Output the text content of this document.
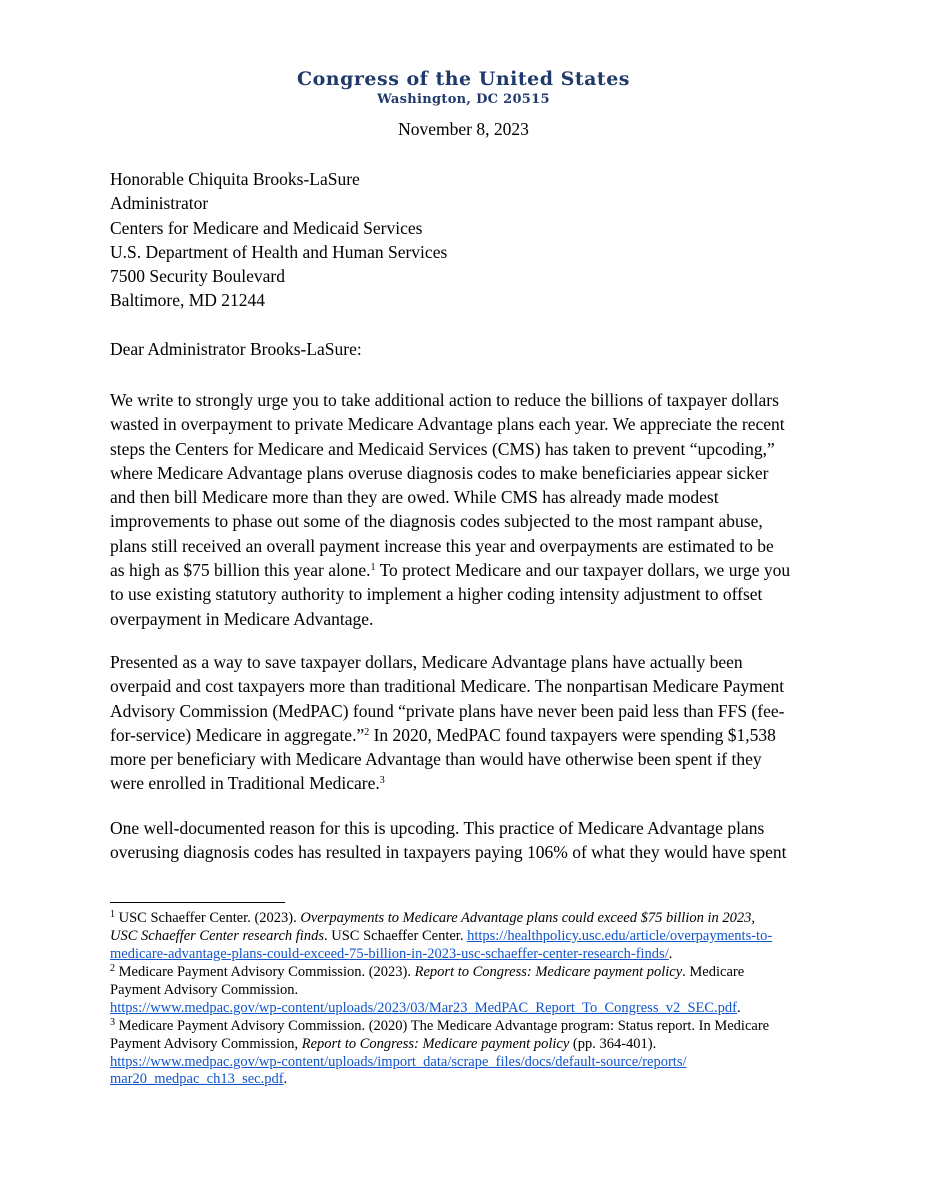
Congress of the United States
Washington, DC 20515
November 8, 2023
Honorable Chiquita Brooks-LaSure
Administrator
Centers for Medicare and Medicaid Services
U.S. Department of Health and Human Services
7500 Security Boulevard
Baltimore, MD 21244
Dear Administrator Brooks-LaSure:
We write to strongly urge you to take additional action to reduce the billions of taxpayer dollars
wasted in overpayment to private Medicare Advantage plans each year. We appreciate the recent
steps the Centers for Medicare and Medicaid Services (CMS) has taken to prevent “upcoding,”
where Medicare Advantage plans overuse diagnosis codes to make beneficiaries appear sicker
and then bill Medicare more than they are owed. While CMS has already made modest
improvements to phase out some of the diagnosis codes subjected to the most rampant abuse,
plans still received an overall payment increase this year and overpayments are estimated to be
as high as $75 billion this year alone.$^1$ To protect Medicare and our taxpayer dollars, we urge you
to use existing statutory authority to implement a higher coding intensity adjustment to offset
overpayment in Medicare Advantage.
Presented as a way to save taxpayer dollars, Medicare Advantage plans have actually been
overpaid and cost taxpayers more than traditional Medicare. The nonpartisan Medicare Payment
Advisory Commission (MedPAC) found “private plans have never been paid less than FFS (fee-
for-service) Medicare in aggregate.”$^2$ In 2020, MedPAC found taxpayers were spending $1,538
more per beneficiary with Medicare Advantage than would have otherwise been spent if they
were enrolled in Traditional Medicare.$^3$
One well-documented reason for this is upcoding. This practice of Medicare Advantage plans
overusing diagnosis codes has resulted in taxpayers paying 106% of what they would have spent
$^1$ USC Schaeffer Center. (2023). Overpayments to Medicare Advantage plans could exceed $75 billion in 2023,
USC Schaeffer Center research finds. USC Schaeffer Center. https://healthpolicy.usc.edu/article/overpayments-to-
medicare-advantage-plans-could-exceed-75-billion-in-2023-usc-schaeffer-center-research-finds/.
$^2$ Medicare Payment Advisory Commission. (2023). Report to Congress: Medicare payment policy. Medicare
Payment Advisory Commission.
https://www.medpac.gov/wp-content/uploads/2023/03/Mar23_MedPAC_Report_To_Congress_v2_SEC.pdf.
$^3$ Medicare Payment Advisory Commission. (2020) The Medicare Advantage program: Status report. In Medicare
Payment Advisory Commission, Report to Congress: Medicare payment policy (pp. 364-401).
https://www.medpac.gov/wp-content/uploads/import_data/scrape_files/docs/default-source/reports/
mar20_medpac_ch13_sec.pdf.
